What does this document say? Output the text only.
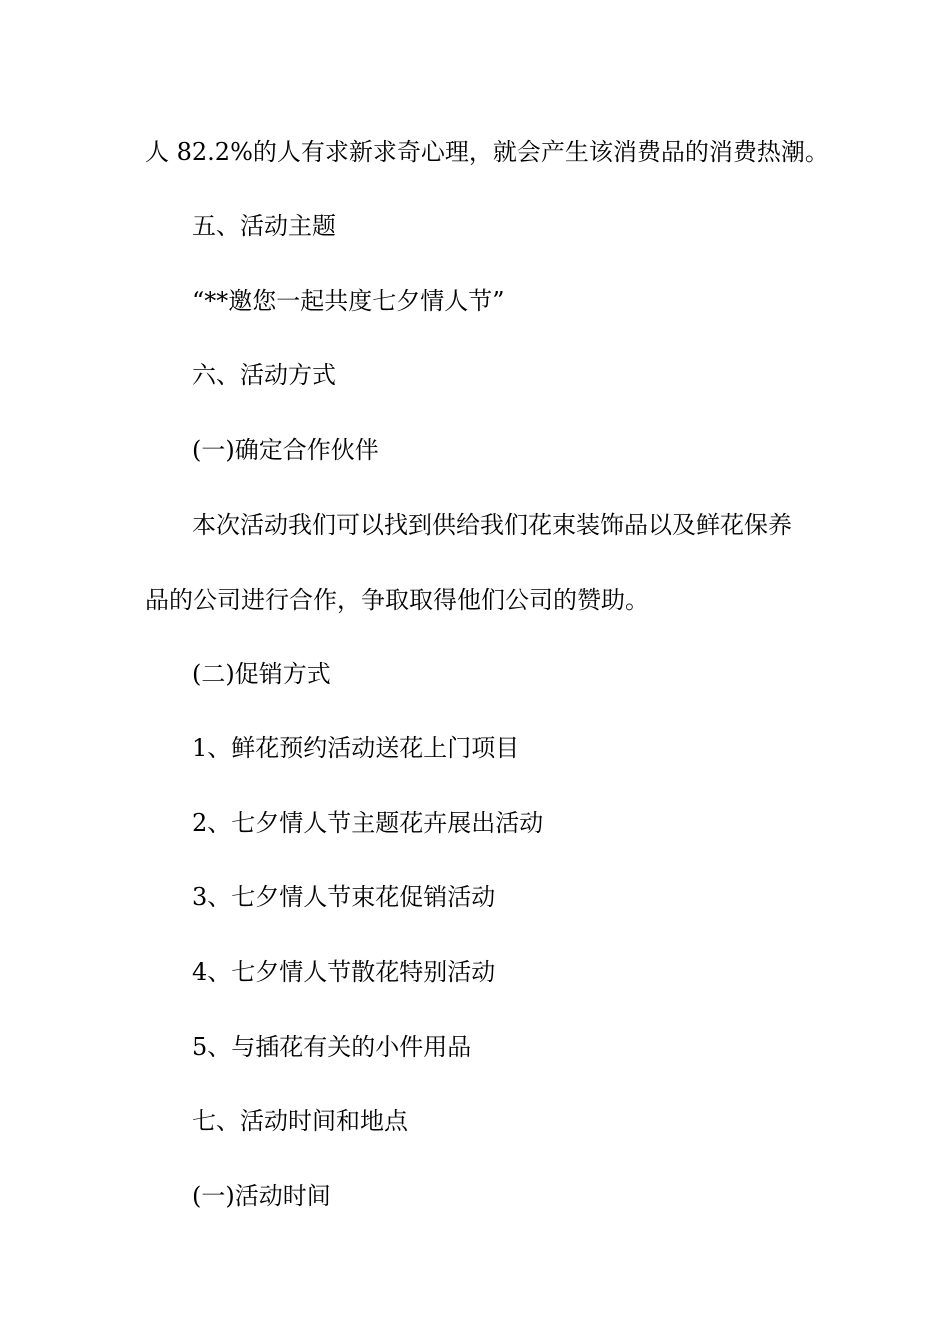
人 82.2%的人有求新求奇心理，就会产生该消费品的消费热潮。
五、活动主题
“**邀您一起共度七夕情人节”
六、活动方式
(一)确定合作伙伴
本次活动我们可以找到供给我们花束装饰品以及鲜花保养
品的公司进行合作，争取取得他们公司的赞助。
(二)促销方式
1、鲜花预约活动送花上门项目
2、七夕情人节主题花卉展出活动
3、七夕情人节束花促销活动
4、七夕情人节散花特别活动
5、与插花有关的小件用品
七、活动时间和地点
(一)活动时间
